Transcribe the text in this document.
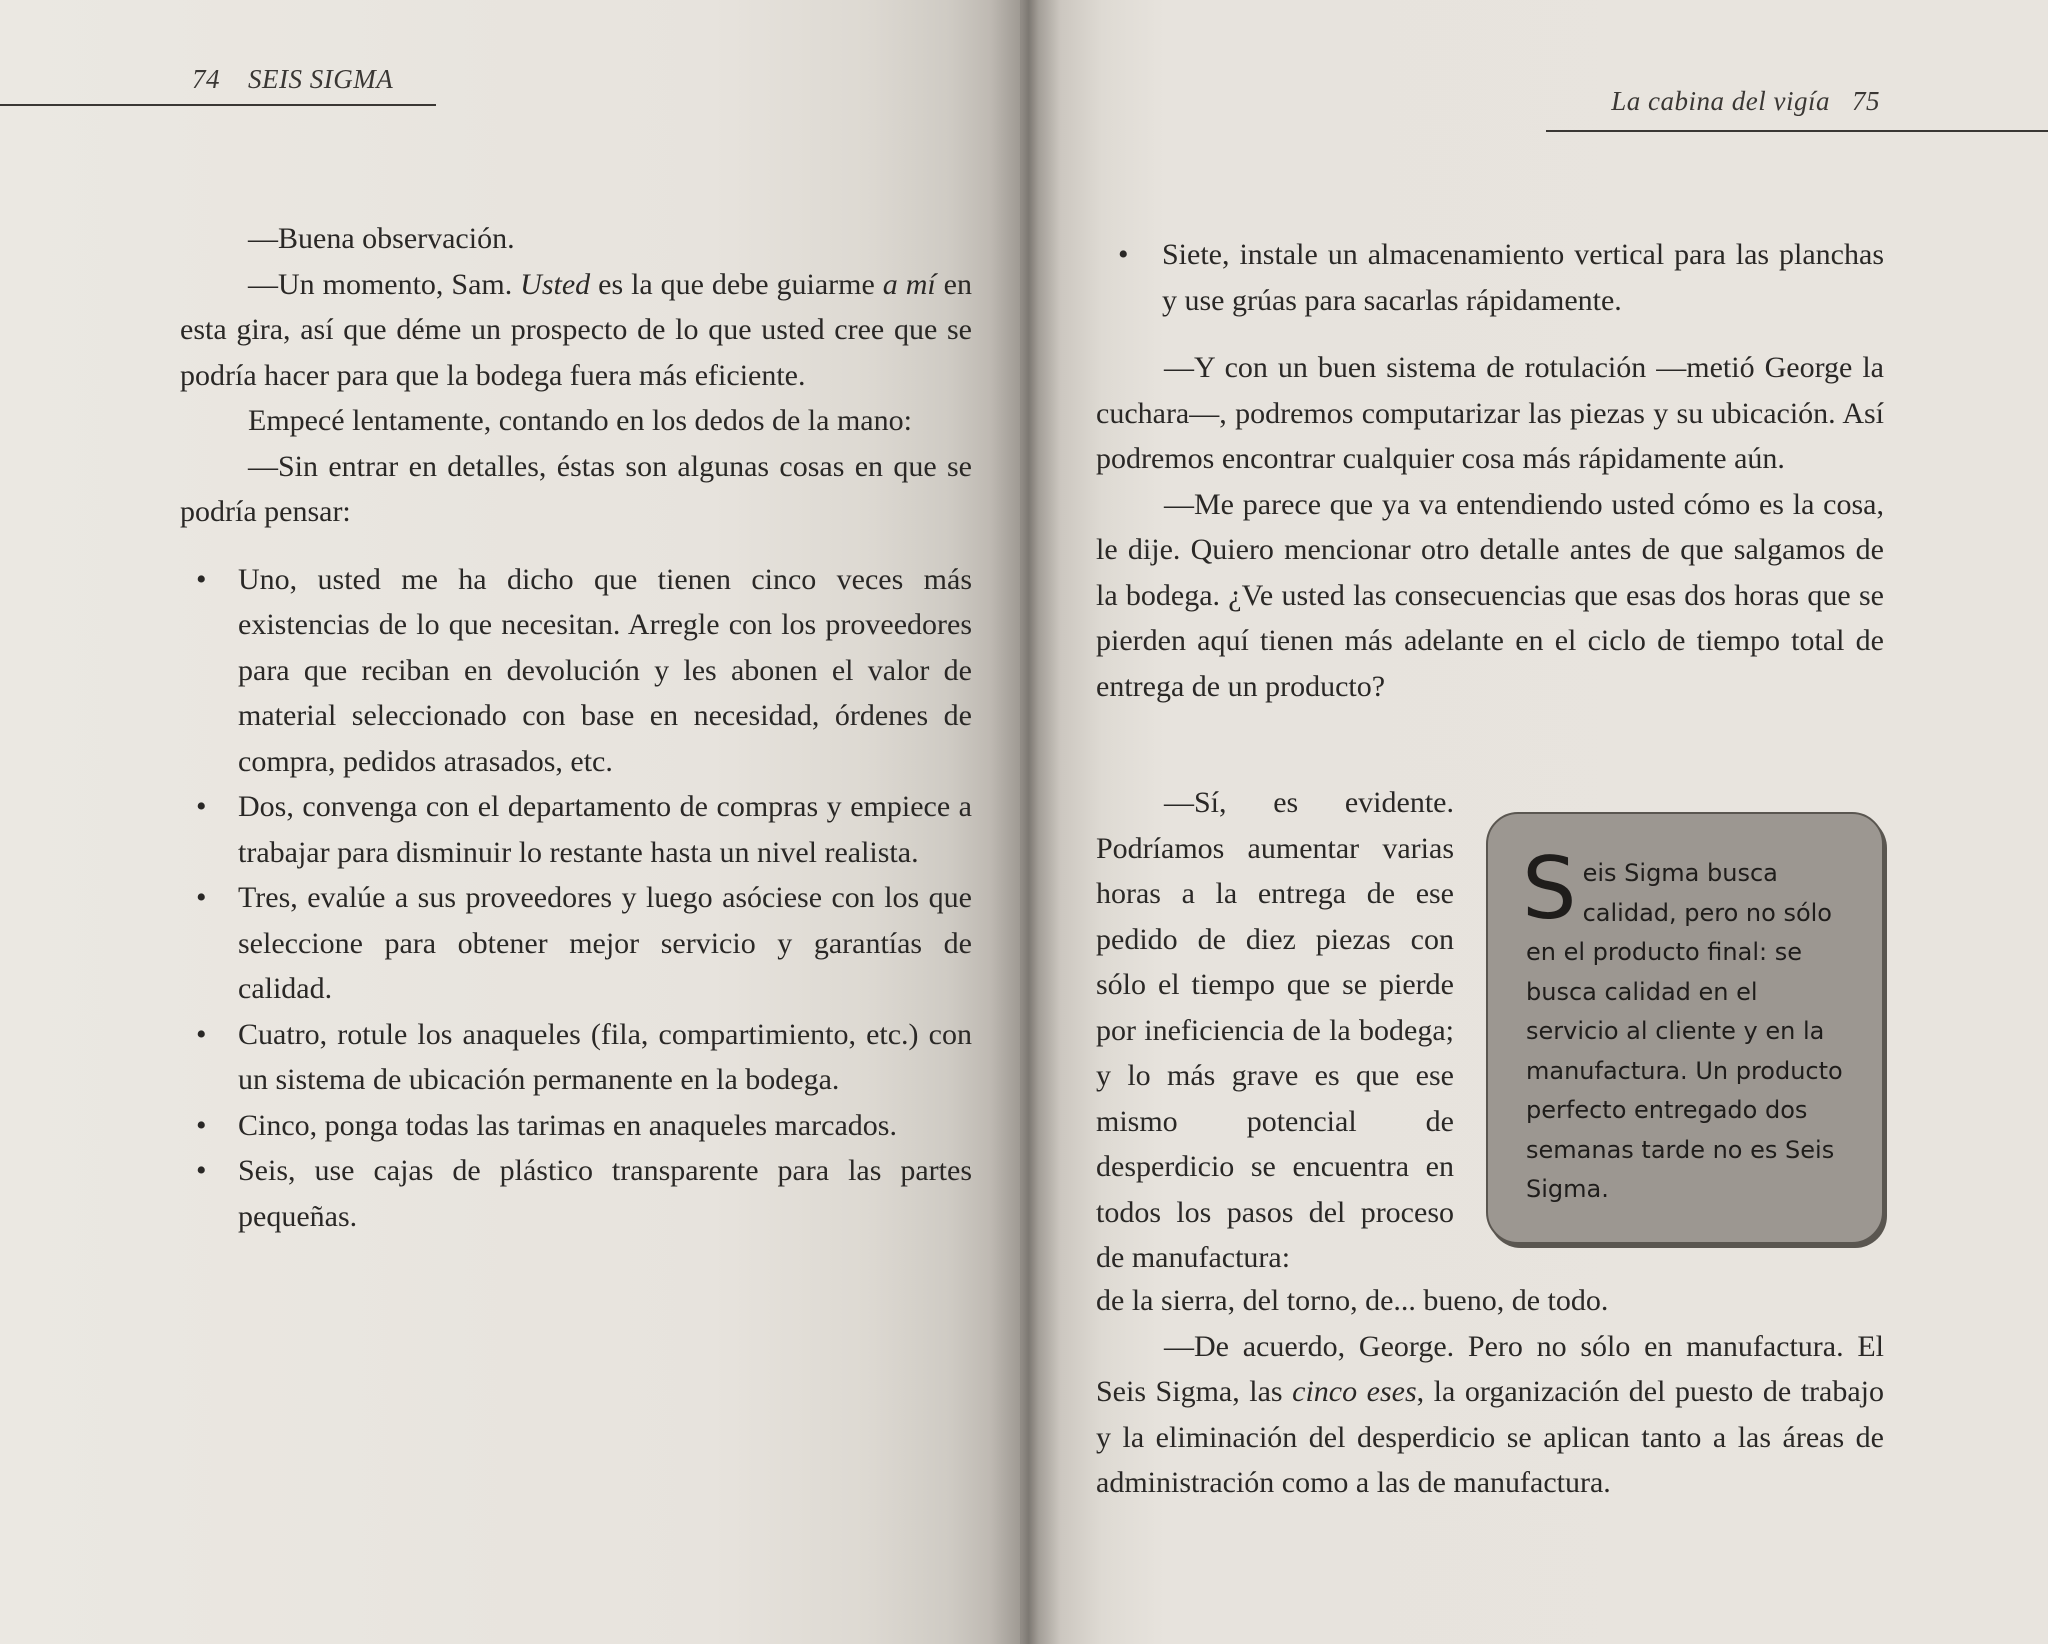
74 SEIS SIGMA
La cabina del vigía 75

—Buena observación.

—Un momento, Sam. Usted es la que debe guiarme a mí en esta gira, así que déme un prospecto de lo que usted cree que se podría hacer para que la bodega fuera más eficiente.

Empecé lentamente, contando en los dedos de la mano:

—Sin entrar en detalles, éstas son algunas cosas en que se podría pensar:

• Uno, usted me ha dicho que tienen cinco veces más existencias de lo que necesitan. Arregle con los proveedores para que reciban en devolución y les abonen el valor de material seleccionado con base en necesidad, órdenes de compra, pedidos atrasados, etc.

• Dos, convenga con el departamento de compras y empiece a trabajar para disminuir lo restante hasta un nivel realista.

• Tres, evalúe a sus proveedores y luego asóciese con los que seleccione para obtener mejor servicio y garantías de calidad.

• Cuatro, rotule los anaqueles (fila, compartimiento, etc.) con un sistema de ubicación permanente en la bodega.

• Cinco, ponga todas las tarimas en anaqueles marcados.

• Seis, use cajas de plástico transparente para las partes pequeñas.

• Siete, instale un almacenamiento vertical para las planchas y use grúas para sacarlas rápidamente.

—Y con un buen sistema de rotulación —metió George la cuchara—, podremos computarizar las piezas y su ubicación. Así podremos encontrar cualquier cosa más rápidamente aún.

—Me parece que ya va entendiendo usted cómo es la cosa, le dije. Quiero mencionar otro detalle antes de que salgamos de la bodega. ¿Ve usted las consecuencias que esas dos horas que se pierden aquí tienen más adelante en el ciclo de tiempo total de entrega de un producto?

—Sí, es evidente. Podríamos aumentar varias horas a la entrega de ese pedido de diez piezas con sólo el tiempo que se pierde por ineficiencia de la bodega; y lo más grave es que ese mismo potencial de desperdicio se encuentra en todos los pasos del proceso de manufactura:

Seis Sigma busca calidad, pero no sólo en el producto final: se busca calidad en el servicio al cliente y en la manufactura. Un producto perfecto entregado dos semanas tarde no es Seis Sigma.

de la sierra, del torno, de... bueno, de todo.

—De acuerdo, George. Pero no sólo en manufactura. El Seis Sigma, las cinco eses, la organización del puesto de trabajo y la eliminación del desperdicio se aplican tanto a las áreas de administración como a las de manufactura.
